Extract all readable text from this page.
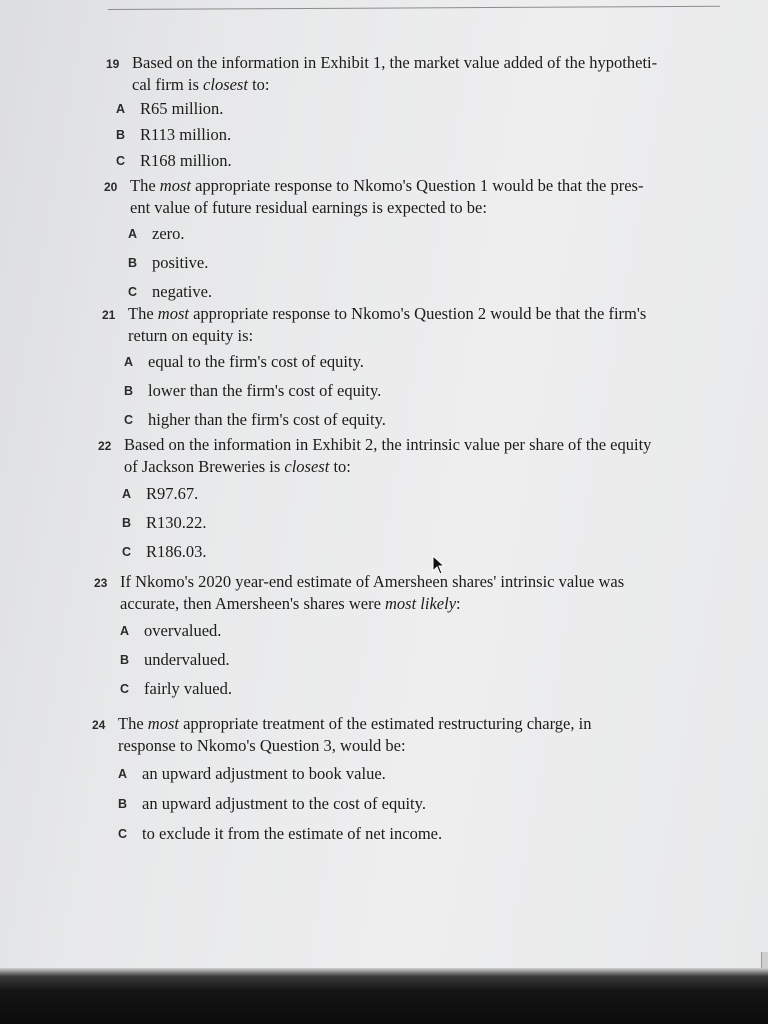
19 Based on the information in Exhibit 1, the market value added of the hypotheti-
cal firm is closest to:
A R65 million.
B R113 million.
C R168 million.
20 The most appropriate response to Nkomo's Question 1 would be that the pres-
ent value of future residual earnings is expected to be:
A zero.
B positive.
C negative.
21 The most appropriate response to Nkomo's Question 2 would be that the firm's
return on equity is:
A equal to the firm's cost of equity.
B lower than the firm's cost of equity.
C higher than the firm's cost of equity.
22 Based on the information in Exhibit 2, the intrinsic value per share of the equity
of Jackson Breweries is closest to:
A R97.67.
B R130.22.
C R186.03.
23 If Nkomo's 2020 year-end estimate of Amersheen shares' intrinsic value was
accurate, then Amersheen's shares were most likely:
A overvalued.
B undervalued.
C fairly valued.
24 The most appropriate treatment of the estimated restructuring charge, in
response to Nkomo's Question 3, would be:
A an upward adjustment to book value.
B an upward adjustment to the cost of equity.
C to exclude it from the estimate of net income.
